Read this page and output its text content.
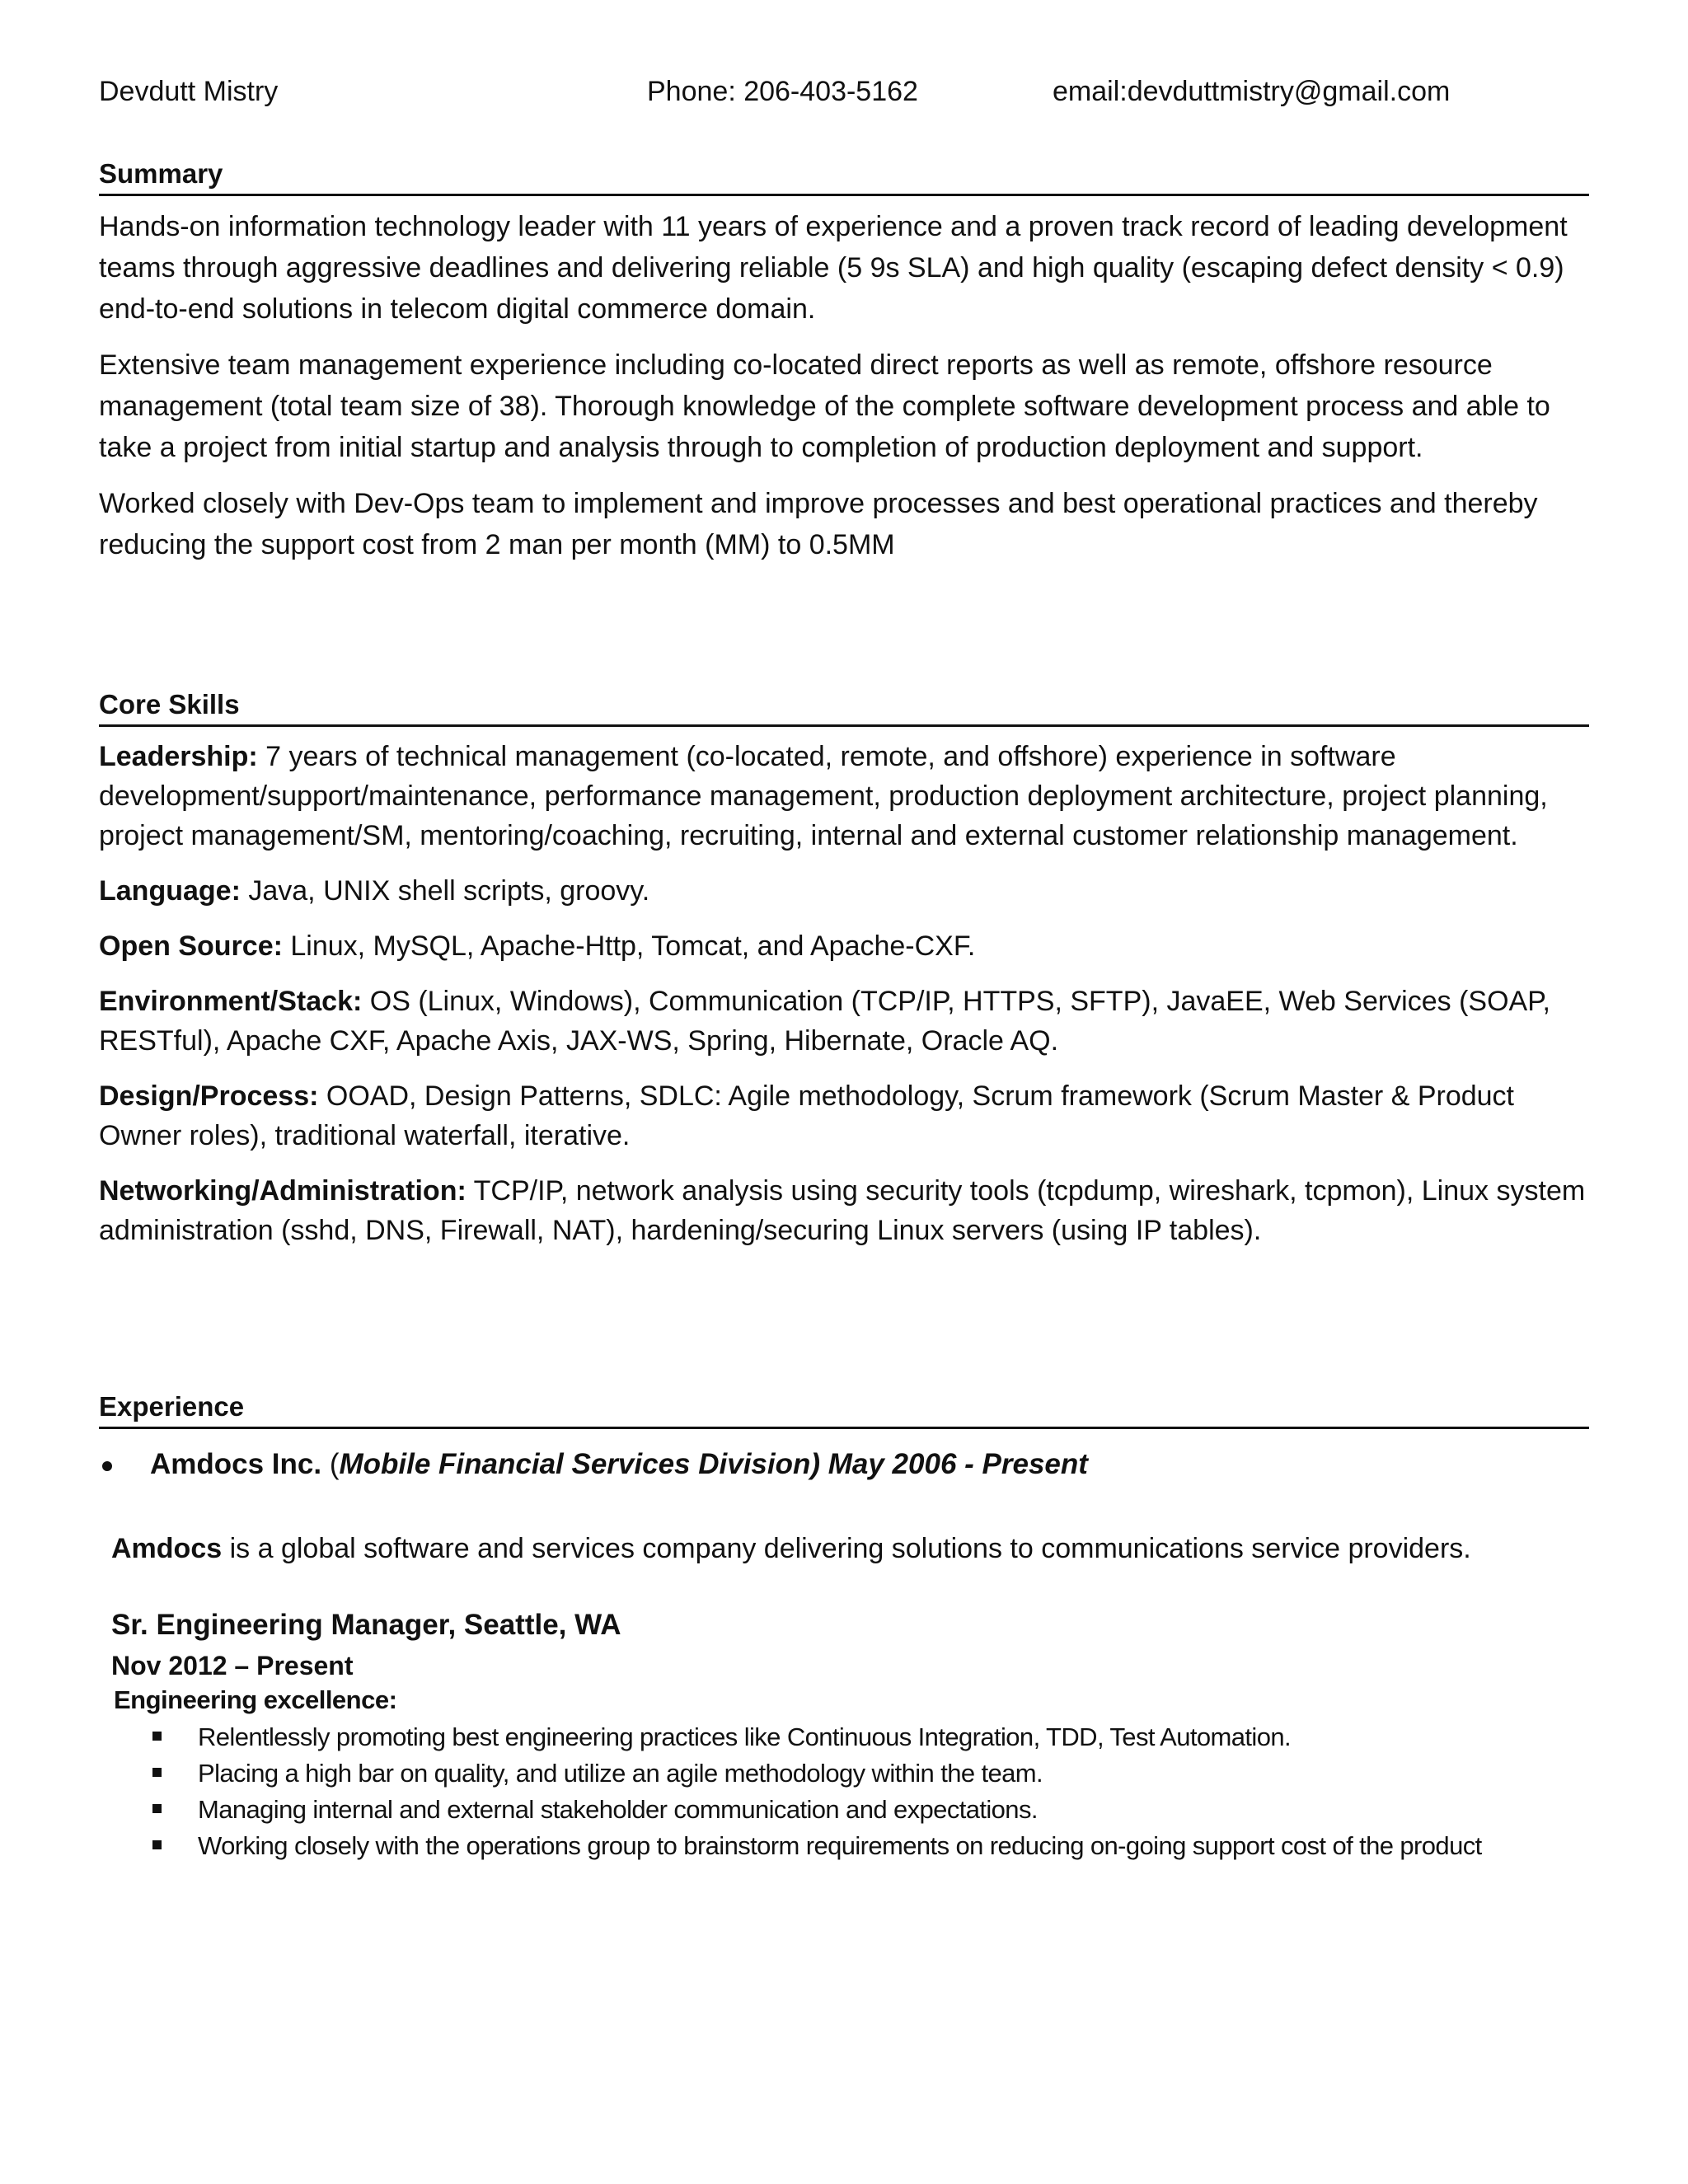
Devdutt Mistry	Phone: 206-403-5162	email:devduttmistry@gmail.com
Summary

Hands-on information technology leader with 11 years of experience and a proven track record of leading development teams through aggressive deadlines and delivering reliable (5 9s SLA) and high quality (escaping defect density < 0.9) end-to-end solutions in telecom digital commerce domain.

Extensive team management experience including co-located direct reports as well as remote, offshore resource management (total team size of 38). Thorough knowledge of the complete software development process and able to take a project from initial startup and analysis through to completion of production deployment and support.

Worked closely with Dev-Ops team to implement and improve processes and best operational practices and thereby reducing the support cost from 2 man per month (MM) to 0.5MM

Core Skills
Leadership: 7 years of technical management (co-located, remote, and offshore) experience in software development/support/maintenance, performance management, production deployment architecture, project planning, project management/SM, mentoring/coaching, recruiting, internal and external customer relationship management.
Language: Java, UNIX shell scripts, groovy.
Open Source: Linux, MySQL, Apache-Http, Tomcat, and Apache-CXF.
Environment/Stack: OS (Linux, Windows), Communication (TCP/IP, HTTPS, SFTP), JavaEE, Web Services (SOAP, RESTful), Apache CXF, Apache Axis, JAX-WS, Spring, Hibernate, Oracle AQ.
Design/Process: OOAD, Design Patterns, SDLC: Agile methodology, Scrum framework (Scrum Master & Product Owner roles), traditional waterfall, iterative.
Networking/Administration: TCP/IP, network analysis using security tools (tcpdump, wireshark, tcpmon), Linux system administration (sshd, DNS, Firewall, NAT), hardening/securing Linux servers (using IP tables).
Experience
Amdocs Inc. (Mobile Financial Services Division) May 2006 - Present
Amdocs is a global software and services company delivering solutions to communications service providers.
Sr. Engineering Manager, Seattle, WA
Nov 2012 – Present
Engineering excellence:
Relentlessly promoting best engineering practices like Continuous Integration, TDD, Test Automation.
Placing a high bar on quality, and utilize an agile methodology within the team.
Managing internal and external stakeholder communication and expectations.
Working closely with the operations group to brainstorm requirements on reducing on-going support cost of the product
